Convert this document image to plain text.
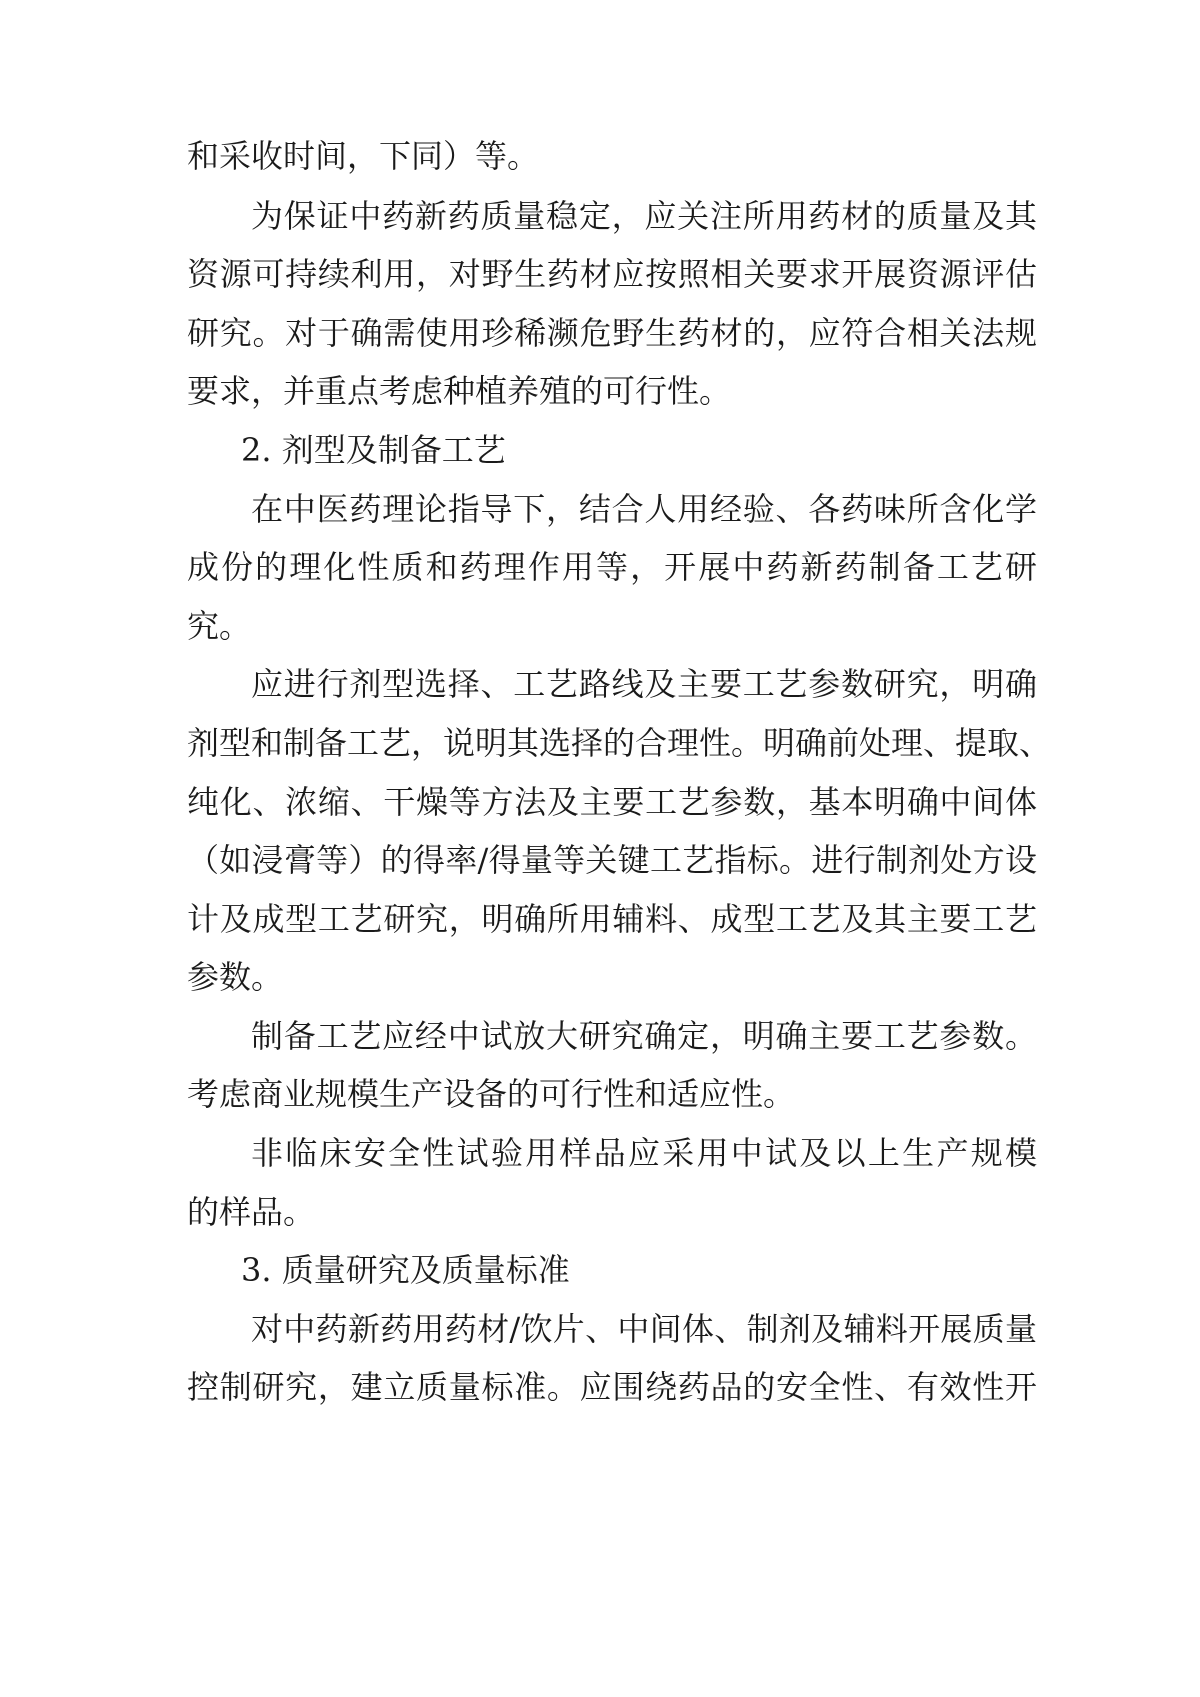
和采收时间，下同）等。
为保证中药新药质量稳定，应关注所用药材的质量及其
资源可持续利用，对野生药材应按照相关要求开展资源评估
研究。对于确需使用珍稀濒危野生药材的，应符合相关法规
要求，并重点考虑种植养殖的可行性。
2. 剂型及制备工艺
在中医药理论指导下，结合人用经验、各药味所含化学
成份的理化性质和药理作用等，开展中药新药制备工艺研
究。
应进行剂型选择、工艺路线及主要工艺参数研究，明确
剂型和制备工艺，说明其选择的合理性。明确前处理、提取、
纯化、浓缩、干燥等方法及主要工艺参数，基本明确中间体
（如浸膏等）的得率/得量等关键工艺指标。进行制剂处方设
计及成型工艺研究，明确所用辅料、成型工艺及其主要工艺
参数。
制备工艺应经中试放大研究确定，明确主要工艺参数。
考虑商业规模生产设备的可行性和适应性。
非临床安全性试验用样品应采用中试及以上生产规模
的样品。
3. 质量研究及质量标准
对中药新药用药材/饮片、中间体、制剂及辅料开展质量
控制研究，建立质量标准。应围绕药品的安全性、有效性开
